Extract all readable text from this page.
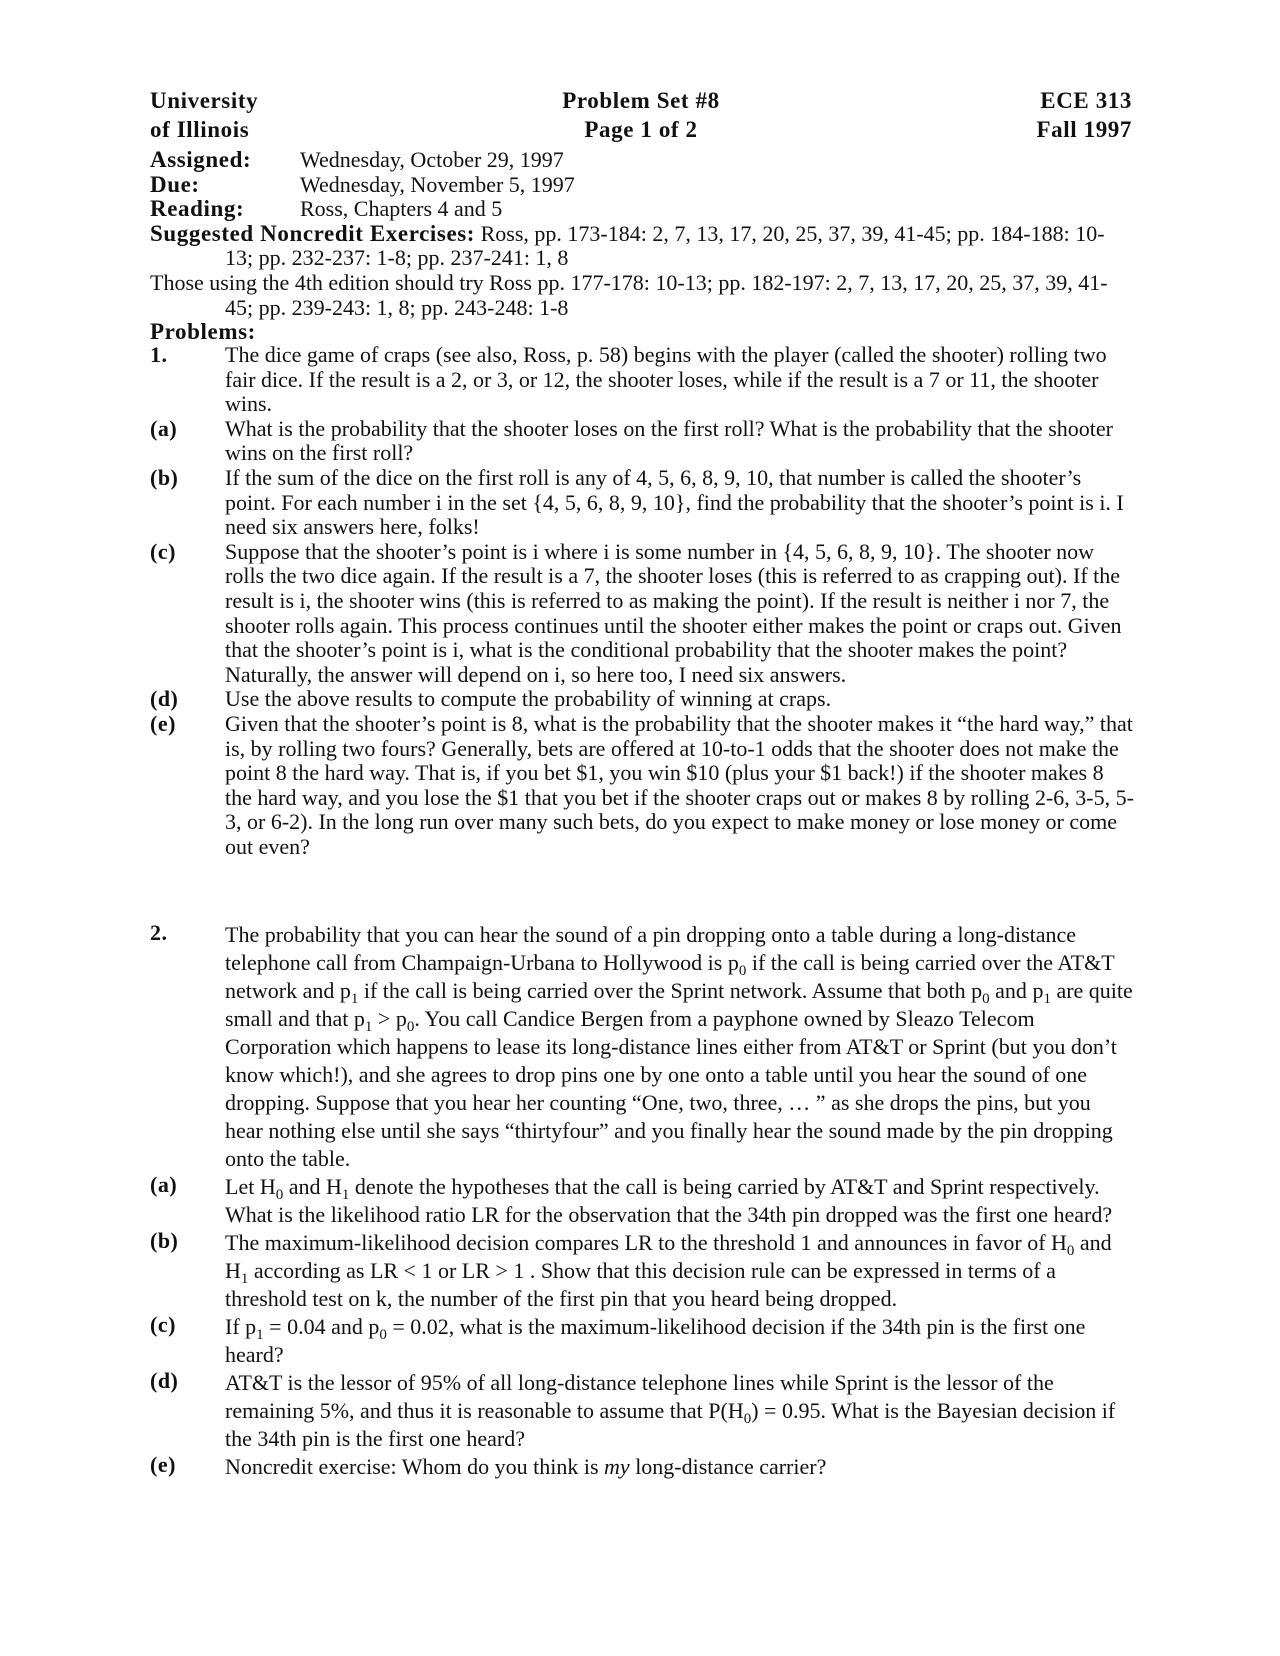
University	Problem Set #8	ECE 313
of Illinois	Page 1 of 2	Fall 1997
Assigned:	Wednesday, October 29, 1997
Due:	Wednesday, November 5, 1997
Reading:	Ross, Chapters 4 and 5
Suggested Noncredit Exercises: Ross, pp. 173-184: 2, 7, 13, 17, 20, 25, 37, 39, 41-45; pp. 184-188: 10-13; pp. 232-237: 1-8; pp. 237-241: 1, 8
Those using the 4th edition should try Ross pp. 177-178: 10-13; pp. 182-197: 2, 7, 13, 17, 20, 25, 37, 39, 41-45; pp. 239-243: 1, 8; pp. 243-248: 1-8
Problems:
1.	The dice game of craps (see also, Ross, p. 58) begins with the player (called the shooter) rolling two fair dice. If the result is a 2, or 3, or 12, the shooter loses, while if the result is a 7 or 11, the shooter wins.
(a)	What is the probability that the shooter loses on the first roll? What is the probability that the shooter wins on the first roll?
(b)	If the sum of the dice on the first roll is any of 4, 5, 6, 8, 9, 10, that number is called the shooter’s point. For each number i in the set {4, 5, 6, 8, 9, 10}, find the probability that the shooter’s point is i. I need six answers here, folks!
(c)	Suppose that the shooter’s point is i where i is some number in {4, 5, 6, 8, 9, 10}. The shooter now rolls the two dice again. If the result is a 7, the shooter loses (this is referred to as crapping out). If the result is i, the shooter wins (this is referred to as making the point). If the result is neither i nor 7, the shooter rolls again. This process continues until the shooter either makes the point or craps out. Given that the shooter’s point is i, what is the conditional probability that the shooter makes the point? Naturally, the answer will depend on i, so here too, I need six answers.
(d)	Use the above results to compute the probability of winning at craps.
(e)	Given that the shooter’s point is 8, what is the probability that the shooter makes it “the hard way,” that is, by rolling two fours? Generally, bets are offered at 10-to-1 odds that the shooter does not make the point 8 the hard way. That is, if you bet $1, you win $10 (plus your $1 back!) if the shooter makes 8 the hard way, and you lose the $1 that you bet if the shooter craps out or makes 8 by rolling 2-6, 3-5, 5-3, or 6-2). In the long run over many such bets, do you expect to make money or lose money or come out even?
2.	The probability that you can hear the sound of a pin dropping onto a table during a long-distance telephone call from Champaign-Urbana to Hollywood is $p_0$ if the call is being carried over the AT&T network and $p_1$ if the call is being carried over the Sprint network. Assume that both $p_0$ and $p_1$ are quite small and that $p_1 > p_0$. You call Candice Bergen from a payphone owned by Sleazo Telecom Corporation which happens to lease its long-distance lines either from AT&T or Sprint (but you don’t know which!), and she agrees to drop pins one by one onto a table until you hear the sound of one dropping. Suppose that you hear her counting “One, two, three, … ” as she drops the pins, but you hear nothing else until she says “thirtyfour” and you finally hear the sound made by the pin dropping onto the table.
(a)	Let $H_0$ and $H_1$ denote the hypotheses that the call is being carried by AT&T and Sprint respectively. What is the likelihood ratio LR for the observation that the 34th pin dropped was the first one heard?
(b)	The maximum-likelihood decision compares LR to the threshold 1 and announces in favor of $H_0$ and $H_1$ according as LR < 1 or LR > 1 . Show that this decision rule can be expressed in terms of a threshold test on k, the number of the first pin that you heard being dropped.
(c)	If $p_1 = 0.04$ and $p_0 = 0.02$, what is the maximum-likelihood decision if the 34th pin is the first one heard?
(d)	AT&T is the lessor of 95% of all long-distance telephone lines while Sprint is the lessor of the remaining 5%, and thus it is reasonable to assume that $P(H_0) = 0.95$. What is the Bayesian decision if the 34th pin is the first one heard?
(e)	Noncredit exercise: Whom do you think is my long-distance carrier?
